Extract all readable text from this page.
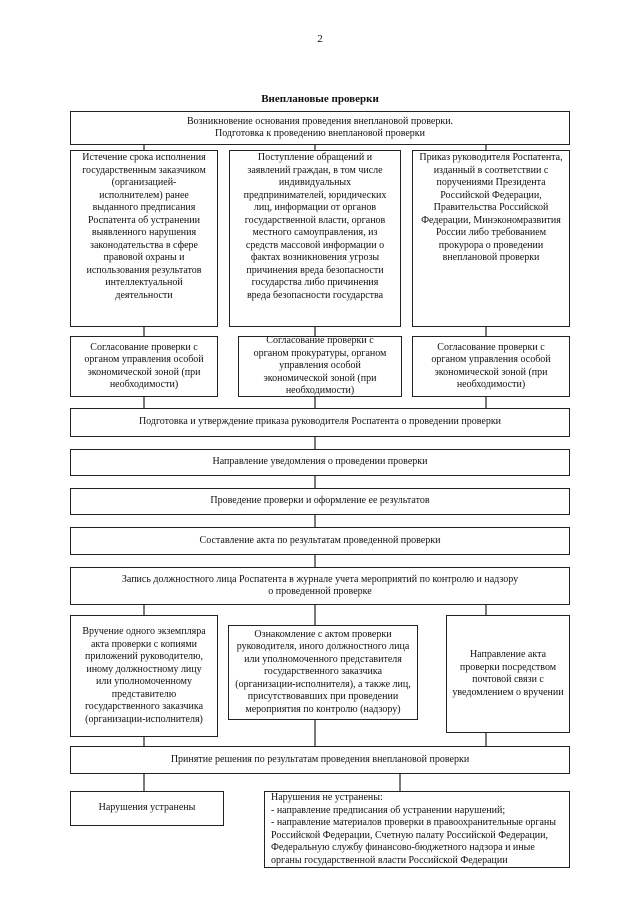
2
Внеплановые проверки
Возникновение основания проведения внеплановой проверки.
Подготовка к проведению внеплановой проверки
Истечение срока исполнения
государственным заказчиком
(организацией-
исполнителем) ранее
выданного предписания
Роспатента об устранении
выявленного нарушения
законодательства в сфере
правовой охраны и
использования результатов
интеллектуальной
деятельности
Поступление обращений и
заявлений граждан, в том числе
индивидуальных
предпринимателей, юридических
лиц, информации от органов
государственной власти, органов
местного самоуправления, из
средств массовой информации о
фактах возникновения угрозы
причинения вреда безопасности
государства либо причинения
вреда безопасности государства
Приказ руководителя Роспатента,
изданный в соответствии с
поручениями Президента
Российской Федерации,
Правительства Российской
Федерации, Минэкономразвития
России либо требованием
прокурора о проведении
внеплановой проверки
Согласование проверки с
органом управления особой
экономической зоной (при
необходимости)
Согласование проверки с
органом прокуратуры, органом
управления особой
экономической зоной (при
необходимости)
Согласование проверки с
органом управления особой
экономической зоной (при
необходимости)
Подготовка и утверждение приказа руководителя Роспатента о проведении проверки
Направление уведомления о проведении проверки
Проведение проверки и оформление ее результатов
Составление акта по результатам проведенной проверки
Запись должностного лица Роспатента в журнале учета мероприятий по контролю и надзору
о проведенной проверке
Вручение одного экземпляра
акта проверки с копиями
приложений руководителю,
иному должностному лицу
или уполномоченному
представителю
государственного заказчика
(организации-исполнителя)
Ознакомление с актом проверки
руководителя, иного должностного лица
или уполномоченного представителя
государственного заказчика
(организации-исполнителя), а также лиц,
присутствовавших при проведении
мероприятия по контролю (надзору)
Направление акта
проверки посредством
почтовой связи с
уведомлением о вручении
Принятие решения по результатам проведения внеплановой проверки
Нарушения устранены
Нарушения не устранены:
- направление предписания об устранении нарушений;
- направление материалов проверки в правоохранительные органы
Российской Федерации, Счетную палату Российской Федерации,
Федеральную службу финансово-бюджетного надзора и иные
органы государственной власти Российской Федерации
